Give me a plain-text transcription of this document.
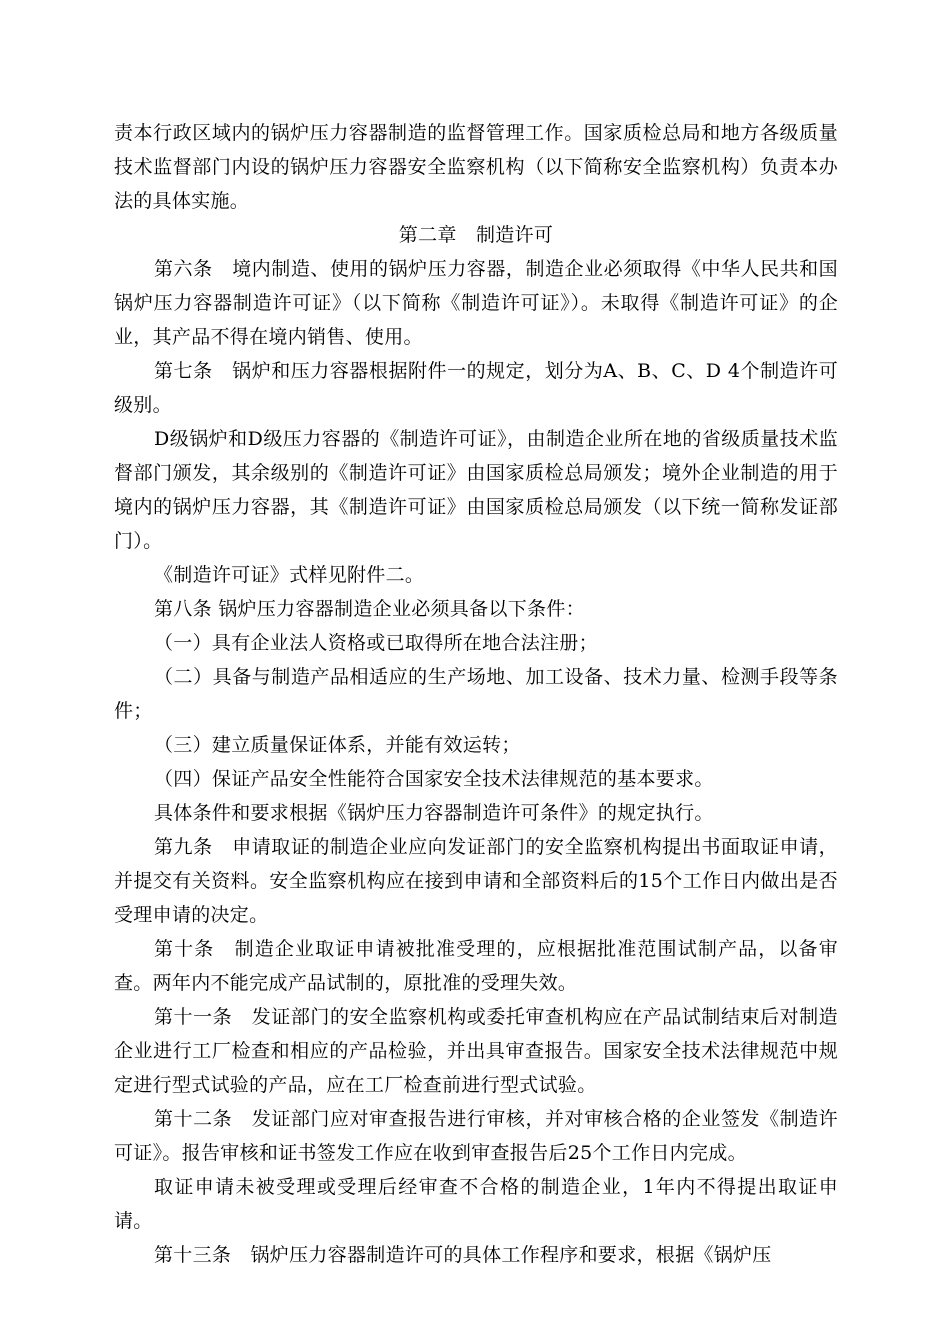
责本行政区域内的锅炉压力容器制造的监督管理工作。国家质检总局和地方各级质量技术监督部门内设的锅炉压力容器安全监察机构（以下简称安全监察机构）负责本办法的具体实施。

第二章　制造许可

第六条　境内制造、使用的锅炉压力容器，制造企业必须取得《中华人民共和国锅炉压力容器制造许可证》（以下简称《制造许可证》）。未取得《制造许可证》的企业，其产品不得在境内销售、使用。

第七条　锅炉和压力容器根据附件一的规定，划分为A、B、C、D 4个制造许可级别。

D级锅炉和D级压力容器的《制造许可证》，由制造企业所在地的省级质量技术监督部门颁发，其余级别的《制造许可证》由国家质检总局颁发；境外企业制造的用于境内的锅炉压力容器，其《制造许可证》由国家质检总局颁发（以下统一简称发证部门）。

《制造许可证》式样见附件二。

第八条 锅炉压力容器制造企业必须具备以下条件：

（一）具有企业法人资格或已取得所在地合法注册；

（二）具备与制造产品相适应的生产场地、加工设备、技术力量、检测手段等条件；

（三）建立质量保证体系，并能有效运转；

（四）保证产品安全性能符合国家安全技术法律规范的基本要求。

具体条件和要求根据《锅炉压力容器制造许可条件》的规定执行。

第九条　申请取证的制造企业应向发证部门的安全监察机构提出书面取证申请，并提交有关资料。安全监察机构应在接到申请和全部资料后的15个工作日内做出是否受理申请的决定。

第十条　制造企业取证申请被批准受理的，应根据批准范围试制产品，以备审查。两年内不能完成产品试制的，原批准的受理失效。

第十一条　发证部门的安全监察机构或委托审查机构应在产品试制结束后对制造企业进行工厂检查和相应的产品检验，并出具审查报告。国家安全技术法律规范中规定进行型式试验的产品，应在工厂检查前进行型式试验。

第十二条　发证部门应对审查报告进行审核，并对审核合格的企业签发《制造许可证》。报告审核和证书签发工作应在收到审查报告后25个工作日内完成。

取证申请未被受理或受理后经审查不合格的制造企业，1年内不得提出取证申请。

第十三条　锅炉压力容器制造许可的具体工作程序和要求，根据《锅炉压
